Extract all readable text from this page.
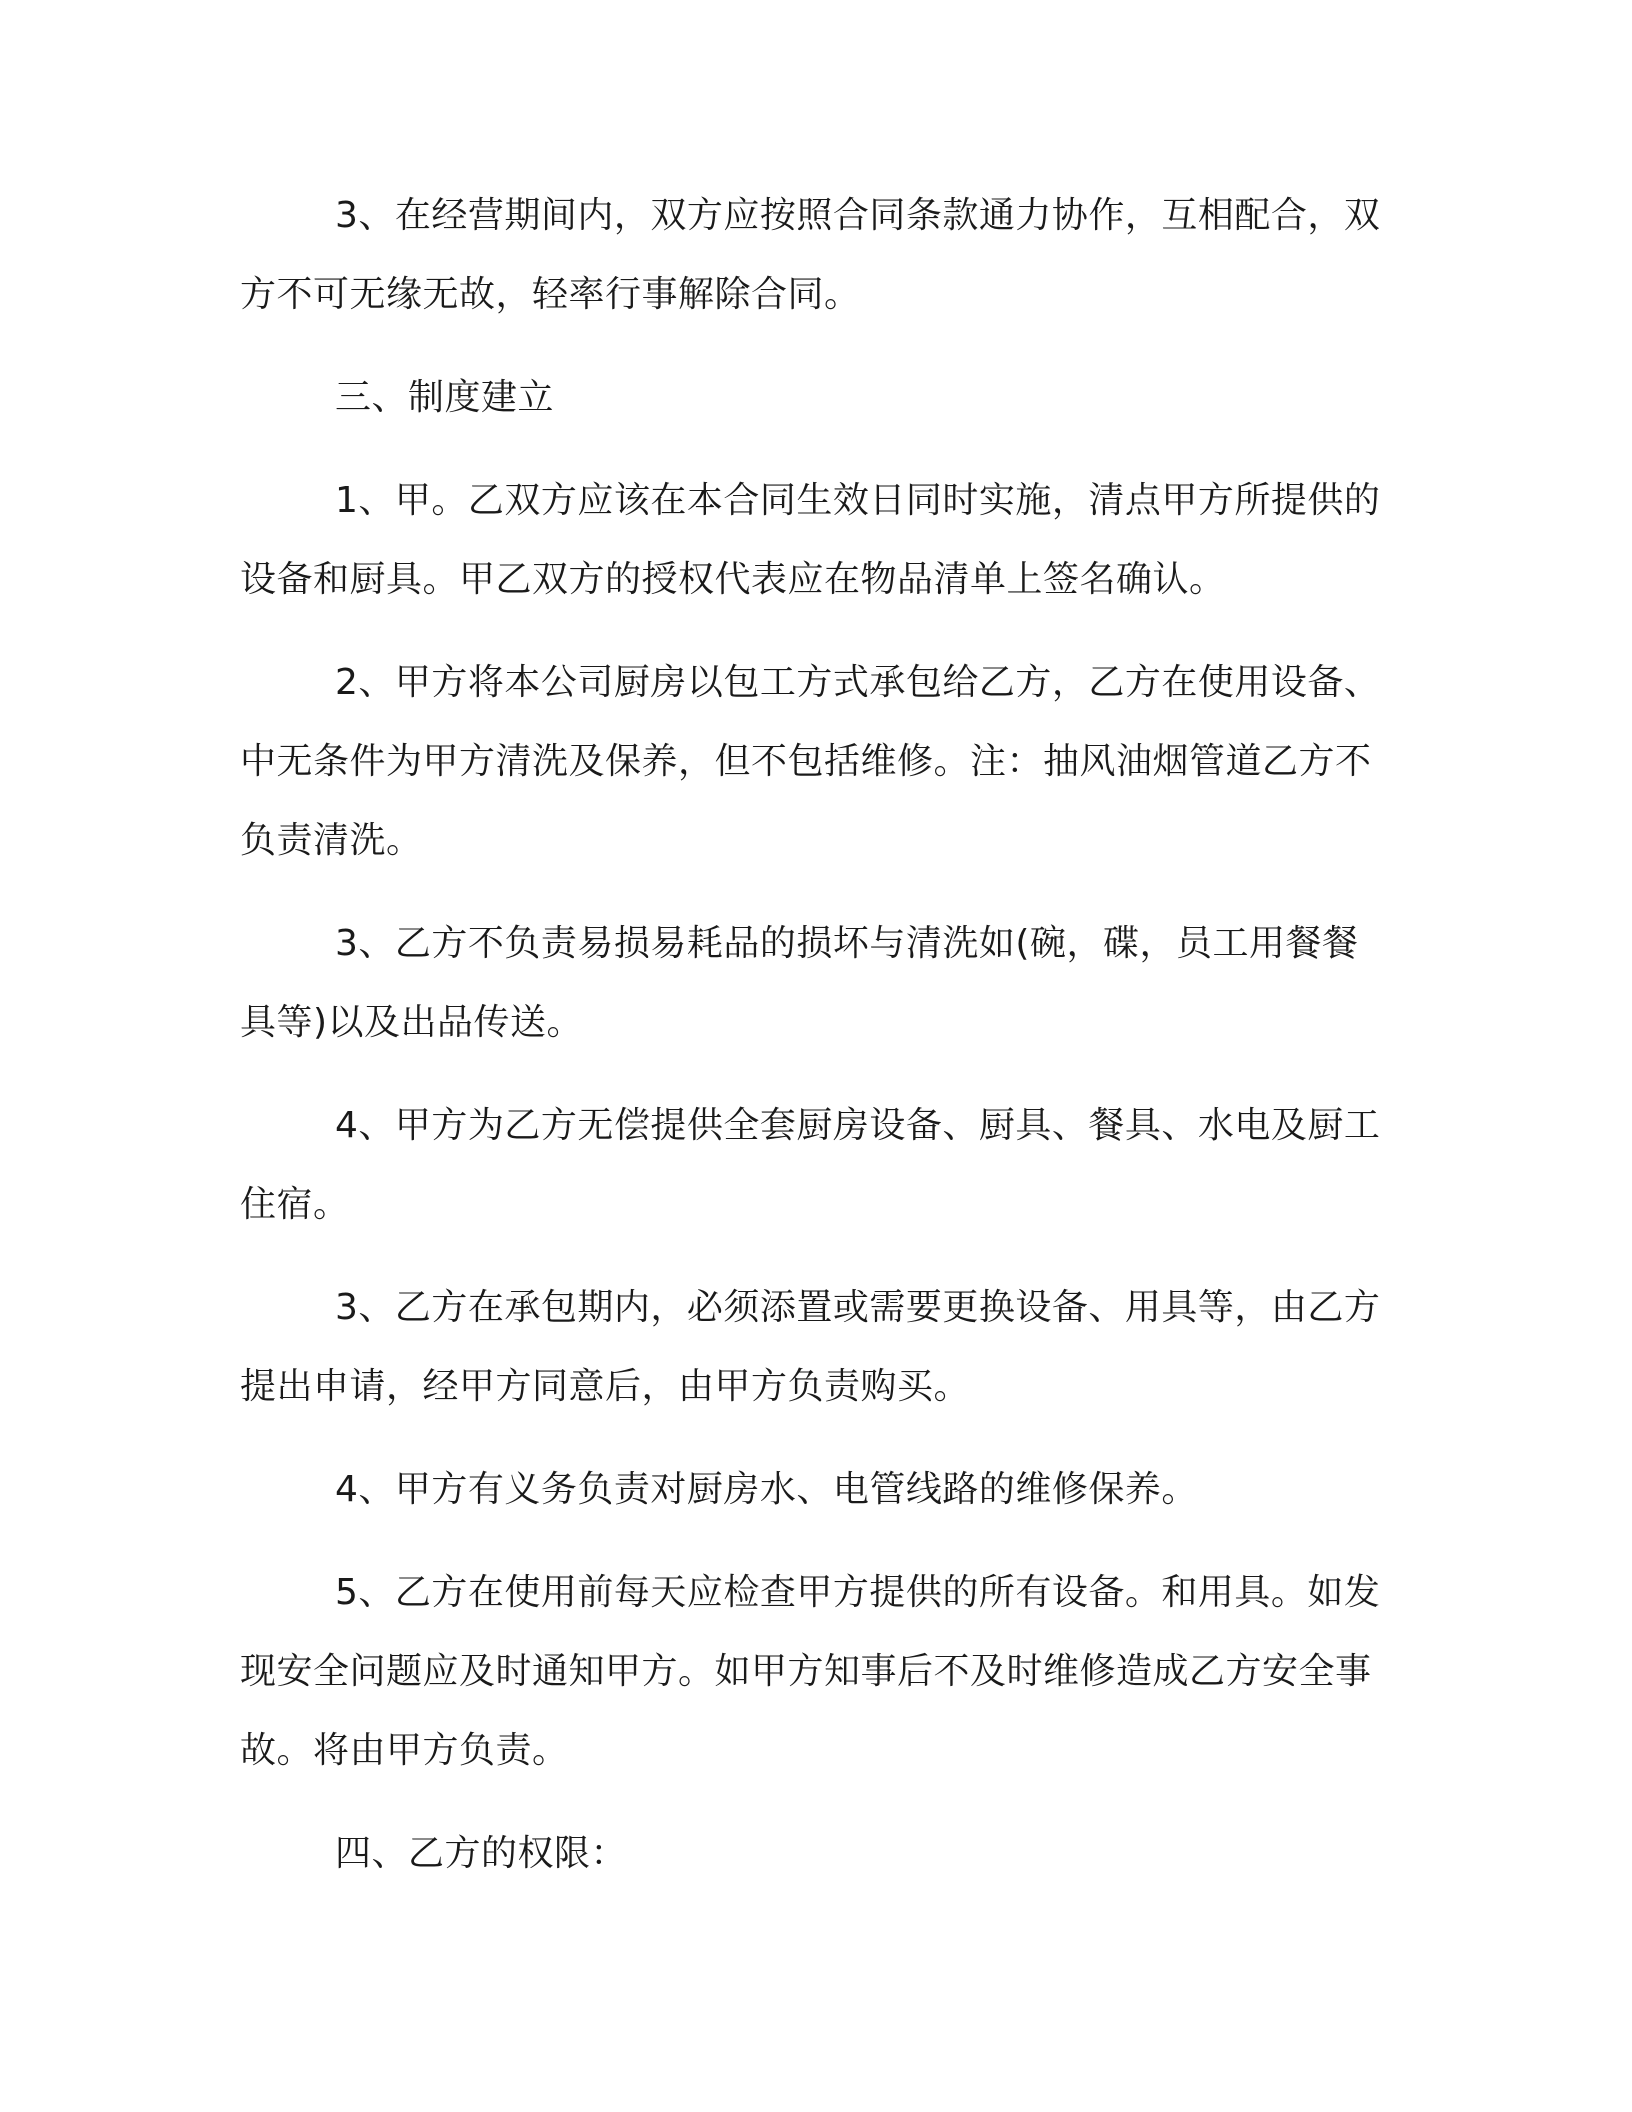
3、在经营期间内，双方应按照合同条款通力协作，互相配合，双方不可无缘无故，轻率行事解除合同。

三、制度建立

1、甲。乙双方应该在本合同生效日同时实施，清点甲方所提供的设备和厨具。甲乙双方的授权代表应在物品清单上签名确认。

2、甲方将本公司厨房以包工方式承包给乙方，乙方在使用设备、中无条件为甲方清洗及保养，但不包括维修。注：抽风油烟管道乙方不负责清洗。

3、乙方不负责易损易耗品的损坏与清洗如(碗，碟，员工用餐餐具等)以及出品传送。

4、甲方为乙方无偿提供全套厨房设备、厨具、餐具、水电及厨工住宿。

3、乙方在承包期内，必须添置或需要更换设备、用具等，由乙方提出申请，经甲方同意后，由甲方负责购买。

4、甲方有义务负责对厨房水、电管线路的维修保养。

5、乙方在使用前每天应检查甲方提供的所有设备。和用具。如发现安全问题应及时通知甲方。如甲方知事后不及时维修造成乙方安全事故。将由甲方负责。

四、乙方的权限：
